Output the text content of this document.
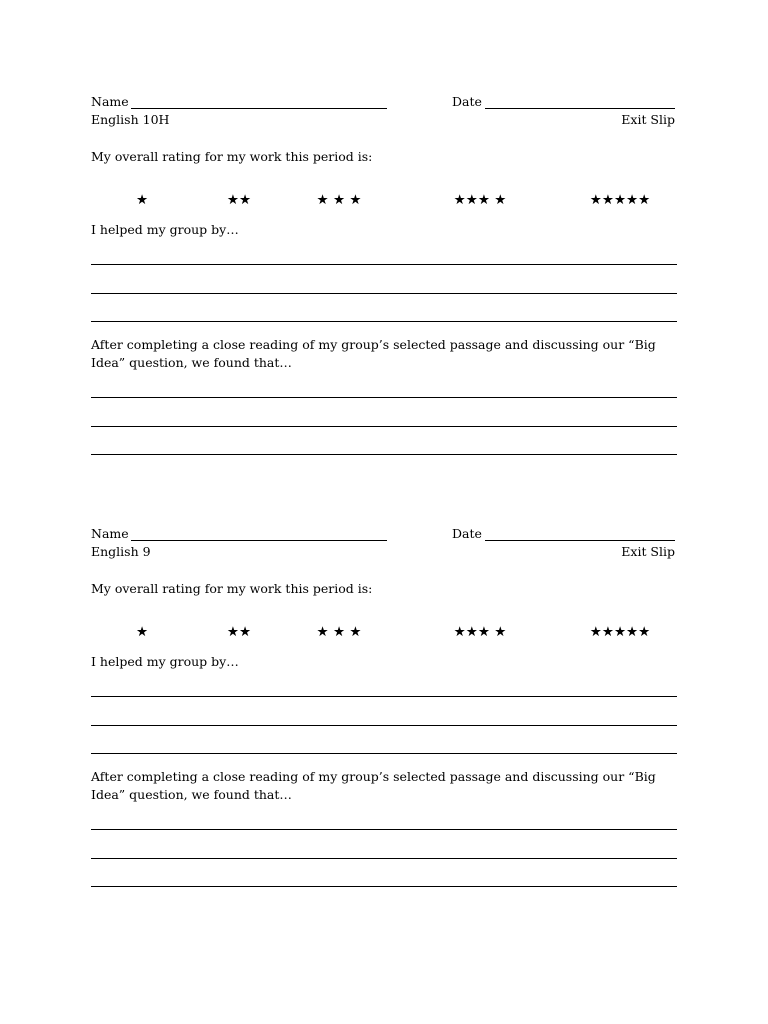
Name	Date
English 10H	Exit Slip
My overall rating for my work this period is:
★	★★	★ ★ ★	★★★ ★	★★★★★
I helped my group by…
After completing a close reading of my group’s selected passage and discussing our “Big Idea” question, we found that…
Name	Date
English 9	Exit Slip
My overall rating for my work this period is:
★	★★	★ ★ ★	★★★ ★	★★★★★
I helped my group by…
After completing a close reading of my group’s selected passage and discussing our “Big Idea” question, we found that…
